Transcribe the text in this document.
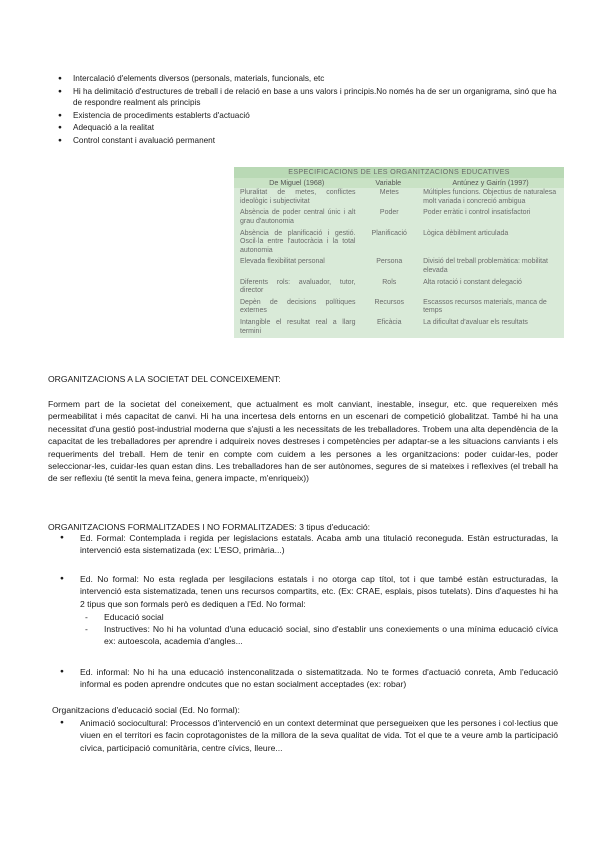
● Intercalació d'elements diversos (personals, materials, funcionals, etc
● Hi ha delimitació d'estructures de treball i de relació en base a uns valors i principis.No només ha de ser un organigrama, sinó que ha de respondre realment als principis
● Existencia de procediments establerts d'actuació
● Adequació a la realitat
● Control constant i avaluació permanent
ESPECIFICACIONS DE LES ORGANITZACIONS EDUCATIVES
De Miguel (1968)	Variable	Antúnez y Gairín (1997)
Pluralitat de metes, conflictes ideològic i subjectivitat	Metes	Múltiples funcions. Objectius de naturalesa molt variada i concreció ambigua
Absència de poder central únic i alt grau d'autonomia	Poder	Poder erràtic i control insatisfactori
Absència de planificació i gestió. Oscil·la entre l'autocràcia i la total autonomia	Planificació	Lògica dèbilment articulada
Elevada flexibilitat personal	Persona	Divisió del treball problemàtica: mobilitat elevada
Diferents rols: avaluador, tutor, director	Rols	Alta rotació i constant delegació
Depèn de decisions polítiques externes	Recursos	Escassos recursos materials, manca de temps
Intangible el resultat real a llarg termini	Eficàcia	La dificultat d'avaluar els resultats
ORGANITZACIONS A LA SOCIETAT DEL CONCEIXEMENT:

Formem part de la societat del coneixement, que actualment es molt canviant, inestable, insegur, etc. que requereixen més permeabilitat i més capacitat de canvi. Hi ha una incertesa dels entorns en un escenari de competició globalitzat. També hi ha una necessitat d'una gestió post-industrial moderna que s'ajusti a les necessitats de les treballadores. Trobem una alta dependència de la capacitat de les treballadores per aprendre i adquireix noves destreses i competències per adaptar-se a les situacions canviants i els requeriments del treball. Hem de tenir en compte com cuidem a les persones a les organitzacions: poder cuidar-les, poder seleccionar-les, cuidar-les quan estan dins. Les treballadores han de ser autònomes, segures de si mateixes i reflexives (el treball ha de ser reflexiu (té sentit la meva feina, genera impacte, m'enriqueix))

ORGANITZACIONS FORMALITZADES I NO FORMALITZADES: 3 tipus d'educació:
● Ed. Formal: Contemplada i regida per legislacions estatals. Acaba amb una titulació reconeguda. Estàn estructuradas, la intervenció esta sistematizada (ex: L'ESO, primària...)

● Ed. No formal: No esta reglada per lesgilacions estatals i no otorga cap títol, tot i que també estàn estructuradas, la intervenció esta sistematizada, tenen uns recursos compartits, etc. (Ex: CRAE, esplais, pisos tutelats). Dins d'aquestes hi ha 2 tipus que son formals però es dediquen a l'Ed. No formal:

- Educació social
- Instructives: No hi ha voluntad d'una educació social, sino d'establir uns conexiements o una mínima educació cívica ex: autoescola, academia d'angles...
● Ed. informal: No hi ha una educació instenconalitzada o sistematitzada. No te formes d'actuació conreta, Amb l'educació informal es poden aprendre ondcutes que no estan socialment acceptades (ex: robar)

Organitzacions d'educació social (Ed. No formal):
● Animació sociocultural: Processos d'intervenció en un context determinat que persegueixen que les persones i col·lectius que viuen en el territori es facin coprotagonistes de la millora de la seva qualitat de vida. Tot el que te a veure amb la participació cívica, participació comunitària, centre cívics, lleure...
